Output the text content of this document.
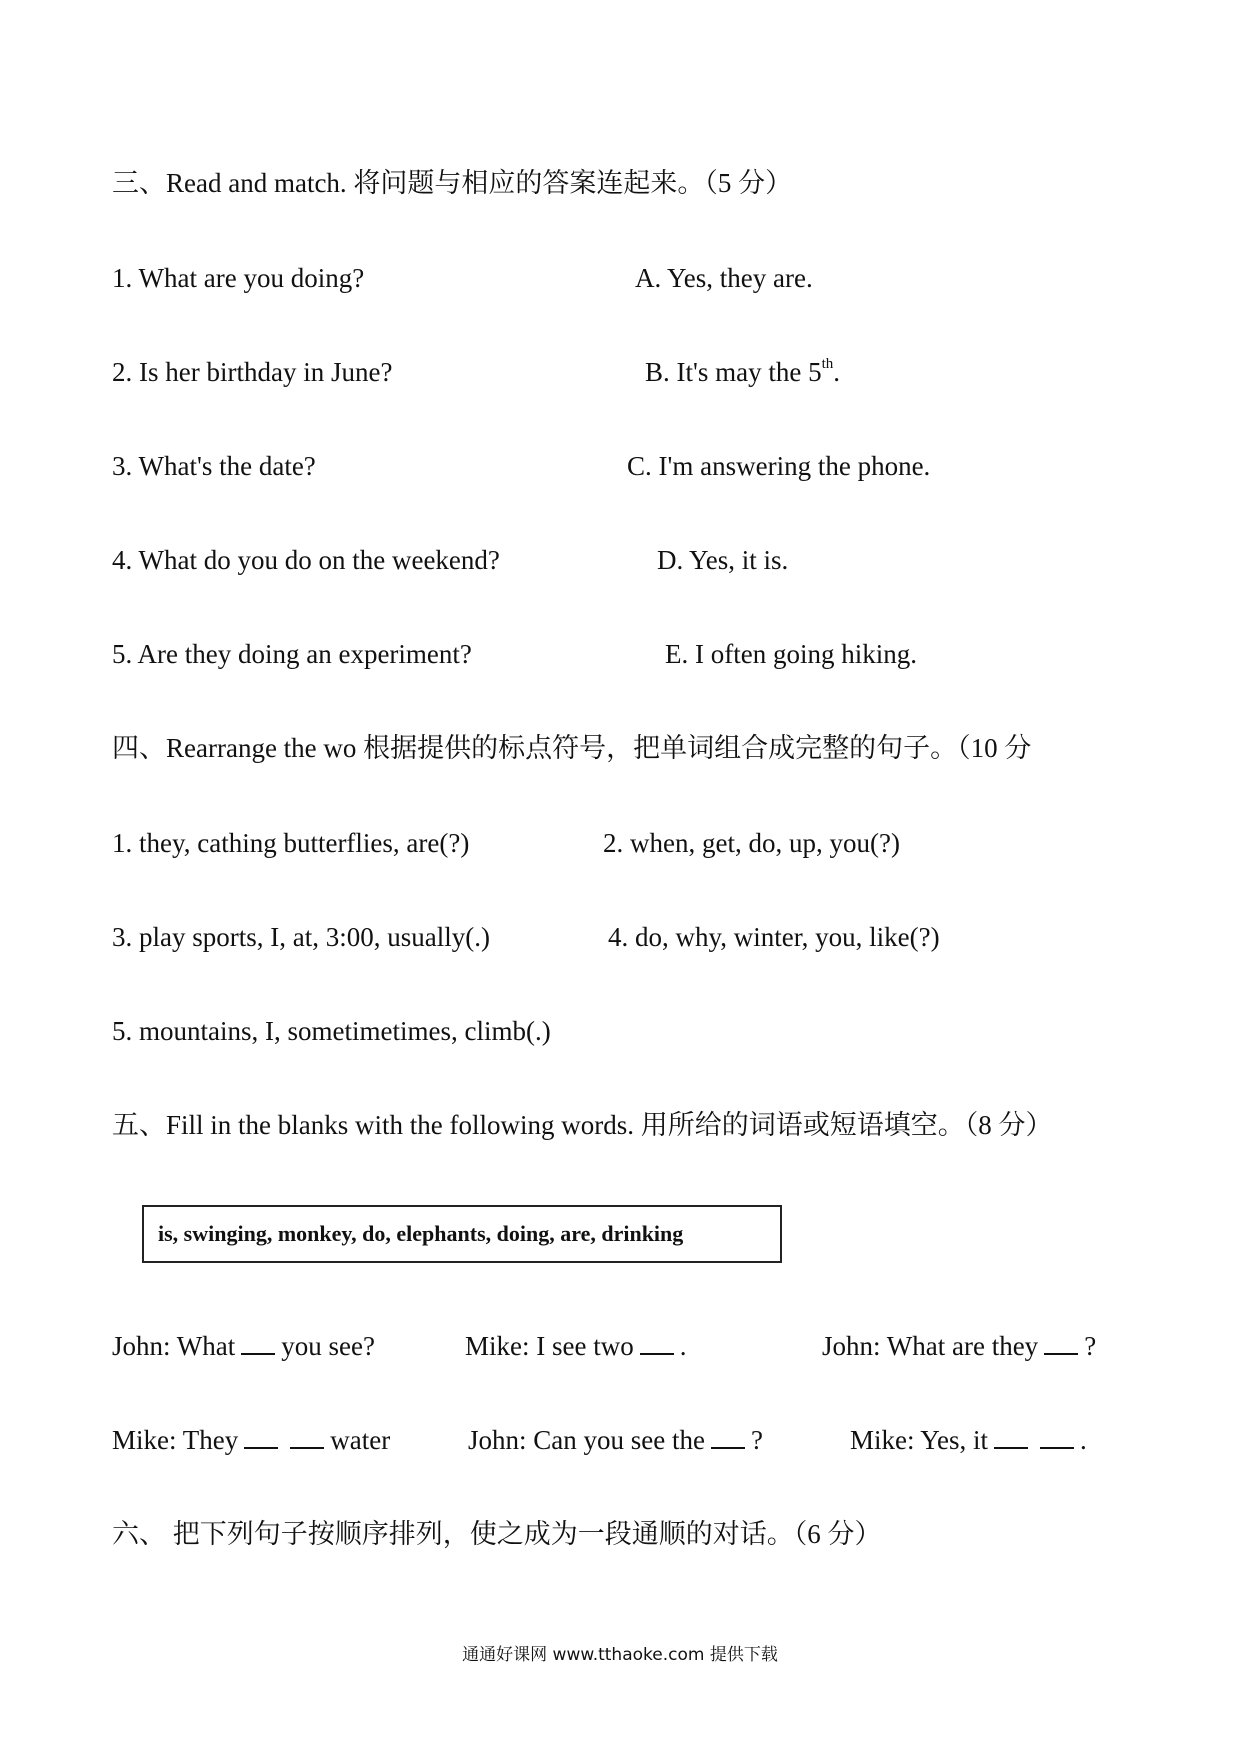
三、Read and match. 将问题与相应的答案连起来。（5 分）
1. What are you doing?	A. Yes, they are.
2. Is her birthday in June?	B. It's may the 5th.
3. What's the date?	C. I'm answering the phone.
4. What do you do on the weekend?	D. Yes, it is.
5. Are they doing an experiment?	E. I often going hiking.
四、Rearrange the wo 根据提供的标点符号，把单词组合成完整的句子。（10 分
1. they, cathing butterflies, are(?)	2. when, get, do, up, you(?)
3. play sports, I, at, 3:00, usually(.)	4. do, why, winter, you, like(?)
5. mountains, I, sometimetimes, climb(.)
五、Fill in the blanks with the following words. 用所给的词语或短语填空。（8 分）
is, swinging, monkey, do, elephants, doing, are, drinking
John: What you see?	Mike: I see two .	John: What are they ?
Mike: They	water	John: Can you see the ?	Mike: Yes, it	.
六、 把下列句子按顺序排列，使之成为一段通顺的对话。（6 分）
通通好课网 www.tthaoke.com 提供下载
